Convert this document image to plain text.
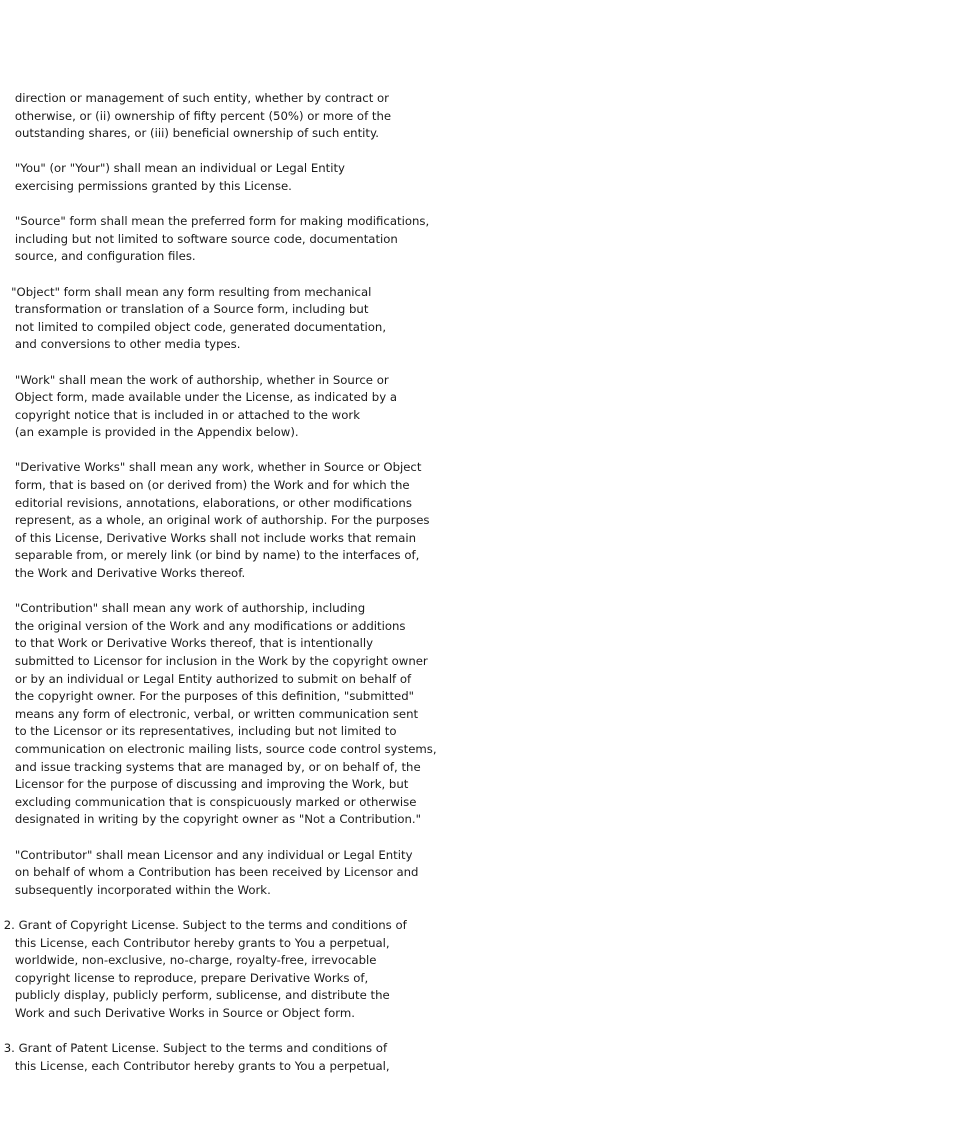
direction or management of such entity, whether by contract or
otherwise, or (ii) ownership of fifty percent (50%) or more of the
outstanding shares, or (iii) beneficial ownership of such entity.
"You" (or "Your") shall mean an individual or Legal Entity
exercising permissions granted by this License.
"Source" form shall mean the preferred form for making modifications,
including but not limited to software source code, documentation
source, and configuration files.
"Object" form shall mean any form resulting from mechanical
transformation or translation of a Source form, including but
not limited to compiled object code, generated documentation,
and conversions to other media types.
"Work" shall mean the work of authorship, whether in Source or
Object form, made available under the License, as indicated by a
copyright notice that is included in or attached to the work
(an example is provided in the Appendix below).
"Derivative Works" shall mean any work, whether in Source or Object
form, that is based on (or derived from) the Work and for which the
editorial revisions, annotations, elaborations, or other modifications
represent, as a whole, an original work of authorship. For the purposes
of this License, Derivative Works shall not include works that remain
separable from, or merely link (or bind by name) to the interfaces of,
the Work and Derivative Works thereof.
"Contribution" shall mean any work of authorship, including
the original version of the Work and any modifications or additions
to that Work or Derivative Works thereof, that is intentionally
submitted to Licensor for inclusion in the Work by the copyright owner
or by an individual or Legal Entity authorized to submit on behalf of
the copyright owner. For the purposes of this definition, "submitted"
means any form of electronic, verbal, or written communication sent
to the Licensor or its representatives, including but not limited to
communication on electronic mailing lists, source code control systems,
and issue tracking systems that are managed by, or on behalf of, the
Licensor for the purpose of discussing and improving the Work, but
excluding communication that is conspicuously marked or otherwise
designated in writing by the copyright owner as "Not a Contribution."
"Contributor" shall mean Licensor and any individual or Legal Entity
on behalf of whom a Contribution has been received by Licensor and
subsequently incorporated within the Work.
2. Grant of Copyright License. Subject to the terms and conditions of
this License, each Contributor hereby grants to You a perpetual,
worldwide, non-exclusive, no-charge, royalty-free, irrevocable
copyright license to reproduce, prepare Derivative Works of,
publicly display, publicly perform, sublicense, and distribute the
Work and such Derivative Works in Source or Object form.
3. Grant of Patent License. Subject to the terms and conditions of
this License, each Contributor hereby grants to You a perpetual,
